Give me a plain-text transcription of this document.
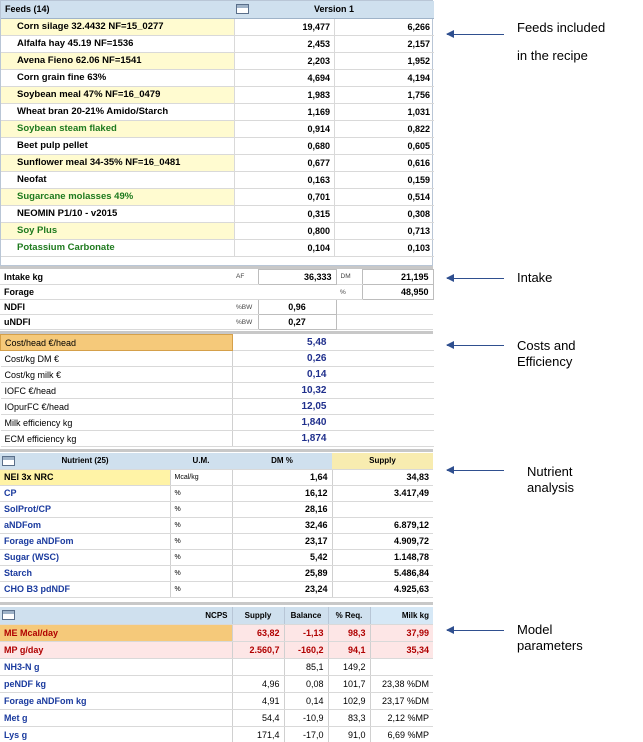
Feeds (14)	Version 1	
Corn silage 32.4432 NF=15_0277	19,477	6,266
Alfalfa hay 45.19 NF=1536	2,453	2,157
Avena Fieno 62.06 NF=1541	2,203	1,952
Corn grain fine 63%	4,694	4,194
Soybean meal 47% NF=16_0479	1,983	1,756
Wheat bran 20-21% Amido/Starch	1,169	1,031
Soybean steam flaked	0,914	0,822
Beet pulp pellet	0,680	0,605
Sunflower meal 34-35% NF=16_0481	0,677	0,616
Neofat	0,163	0,159
Sugarcane molasses 49%	0,701	0,514
NEOMIN P1/10 - v2015	0,315	0,308
Soy Plus	0,800	0,713
Potassium Carbonate	0,104	0,103
Intake kg	AF	36,333	DM	21,195
Forage			%	48,950
NDFI	%BW	0,96		
uNDFI	%BW	0,27		
Cost/head €/head	5,48	
Cost/kg DM €	0,26	
Cost/kg milk €	0,14	
IOFC €/head	10,32	
IOpurFC €/head	12,05	
Milk efficiency kg	1,840	
ECM efficiency kg	1,874	
Nutrient (25)	U.M.	DM %	Supply
NEl 3x NRC	Mcal/kg	1,64	34,83
CP	%	16,12	3.417,49
SolProt/CP	%	28,16	
aNDFom	%	32,46	6.879,12
Forage aNDFom	%	23,17	4.909,72
Sugar (WSC)	%	5,42	1.148,78
Starch	%	25,89	5.486,84
CHO B3 pdNDF	%	23,24	4.925,63
NCPS	Supply	Balance	% Req.	Milk kg
ME Mcal/day	63,82	-1,13	98,3	37,99
MP g/day	2.560,7	-160,2	94,1	35,34
NH3-N g		85,1	149,2	
peNDF kg	4,96	0,08	101,7	23,38 %DM
Forage aNDFom kg	4,91	0,14	102,9	23,17 %DM
Met g	54,4	-10,9	83,3	2,12 %MP
Lys g	171,4	-17,0	91,0	6,69 %MP
Feeds included
in the recipe
Intake
Costs and
Efficiency
Nutrient
analysis
Model
parameters
